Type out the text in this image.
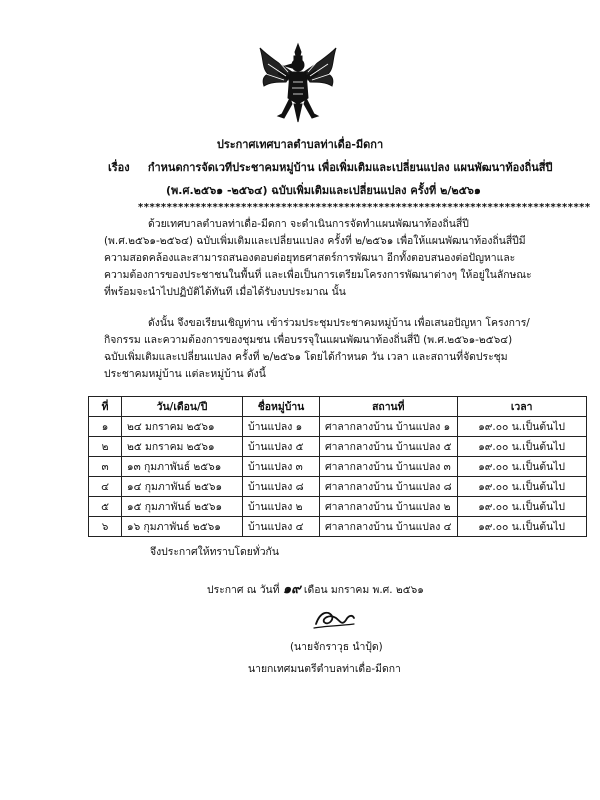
ประกาศเทศบาลตำบลท่าเดื่อ-มีดกา
เรื่อง กำหนดการจัดเวทีประชาคมหมู่บ้าน เพื่อเพิ่มเติมและเปลี่ยนแปลง แผนพัฒนาท้องถิ่นสี่ปี
(พ.ศ.๒๕๖๑ -๒๕๖๔) ฉบับเพิ่มเติมและเปลี่ยนแปลง ครั้งที่ ๒/๒๕๖๑
*******************************************************************************
ด้วยเทศบาลตำบลท่าเดื่อ-มีดกา จะดำเนินการจัดทำแผนพัฒนาท้องถิ่นสี่ปี (พ.ศ.๒๕๖๑-๒๕๖๔) ฉบับเพิ่มเติมและเปลี่ยนแปลง ครั้งที่ ๒/๒๕๖๑ เพื่อให้แผนพัฒนาท้องถิ่นสี่ปีมีความสอดคล้องและสามารถสนองตอบต่อยุทธศาสตร์การพัฒนา อีกทั้งตอบสนองต่อปัญหาและความต้องการของประชาชนในพื้นที่ และเพื่อเป็นการเตรียมโครงการพัฒนาต่างๆ ให้อยู่ในลักษณะที่พร้อมจะนำไปปฏิบัติได้ทันที เมื่อได้รับงบประมาณ นั้น
ดังนั้น จึงขอเรียนเชิญท่าน เข้าร่วมประชุมประชาคมหมู่บ้าน เพื่อเสนอปัญหา โครงการ/กิจกรรม และความต้องการของชุมชน เพื่อบรรจุในแผนพัฒนาท้องถิ่นสี่ปี (พ.ศ.๒๕๖๑-๒๕๖๔) ฉบับเพิ่มเติมและเปลี่ยนแปลง ครั้งที่ ๒/๒๕๖๑ โดยได้กำหนด วัน เวลา และสถานที่จัดประชุมประชาคมหมู่บ้าน แต่ละหมู่บ้าน ดังนี้
ที่	วัน/เดือน/ปี	ชื่อหมู่บ้าน	สถานที่	เวลา
๑	๒๔ มกราคม ๒๕๖๑	บ้านแปลง ๑	ศาลากลางบ้าน บ้านแปลง ๑	๑๙.๐๐ น.เป็นต้นไป
๒	๒๕ มกราคม ๒๕๖๑	บ้านแปลง ๕	ศาลากลางบ้าน บ้านแปลง ๕	๑๙.๐๐ น.เป็นต้นไป
๓	๑๓ กุมภาพันธ์ ๒๕๖๑	บ้านแปลง ๓	ศาลากลางบ้าน บ้านแปลง ๓	๑๙.๐๐ น.เป็นต้นไป
๔	๑๔ กุมภาพันธ์ ๒๕๖๑	บ้านแปลง ๘	ศาลากลางบ้าน บ้านแปลง ๘	๑๙.๐๐ น.เป็นต้นไป
๕	๑๕ กุมภาพันธ์ ๒๕๖๑	บ้านแปลง ๒	ศาลากลางบ้าน บ้านแปลง ๒	๑๙.๐๐ น.เป็นต้นไป
๖	๑๖ กุมภาพันธ์ ๒๕๖๑	บ้านแปลง ๔	ศาลากลางบ้าน บ้านแปลง ๔	๑๙.๐๐ น.เป็นต้นไป
จึงประกาศให้ทราบโดยทั่วกัน
ประกาศ ณ วันที่ ๑๙ เดือน มกราคม พ.ศ. ๒๕๖๑
(นายจักราวุธ นำปุ้ด)
นายกเทศมนตรีตำบลท่าเดื่อ-มีดกา
